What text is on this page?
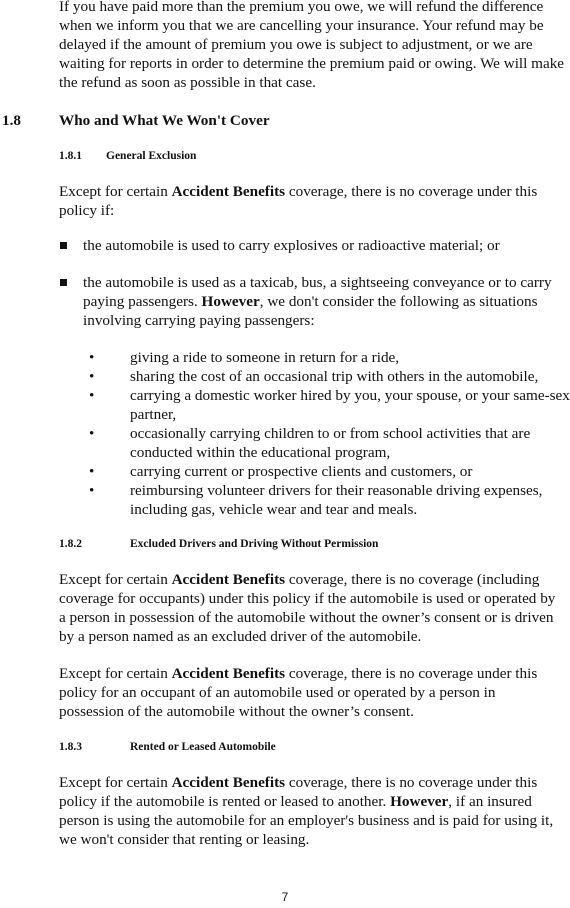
If you have paid more than the premium you owe, we will refund the difference when we inform you that we are cancelling your insurance. Your refund may be delayed if the amount of premium you owe is subject to adjustment, or we are waiting for reports in order to determine the premium paid or owing. We will make the refund as soon as possible in that case.

1.8	Who and What We Won't Cover
1.8.1 General Exclusion

Except for certain Accident Benefits coverage, there is no coverage under this policy if:

the automobile is used to carry explosives or radioactive material; or

the automobile is used as a taxicab, bus, a sightseeing conveyance or to carry paying passengers. However, we don't consider the following as situations involving carrying paying passengers:

• giving a ride to someone in return for a ride,

• sharing the cost of an occasional trip with others in the automobile,

• carrying a domestic worker hired by you, your spouse, or your same-sex partner,

• occasionally carrying children to or from school activities that are conducted within the educational program,

• carrying current or prospective clients and customers, or

• reimbursing volunteer drivers for their reasonable driving expenses, including gas, vehicle wear and tear and meals.

1.8.2	Excluded Drivers and Driving Without Permission

Except for certain Accident Benefits coverage, there is no coverage (including coverage for occupants) under this policy if the automobile is used or operated by a person in possession of the automobile without the owner’s consent or is driven by a person named as an excluded driver of the automobile.

Except for certain Accident Benefits coverage, there is no coverage under this policy for an occupant of an automobile used or operated by a person in possession of the automobile without the owner’s consent.

1.8.3	Rented or Leased Automobile

Except for certain Accident Benefits coverage, there is no coverage under this policy if the automobile is rented or leased to another. However, if an insured person is using the automobile for an employer's business and is paid for using it, we won't consider that renting or leasing.

7
